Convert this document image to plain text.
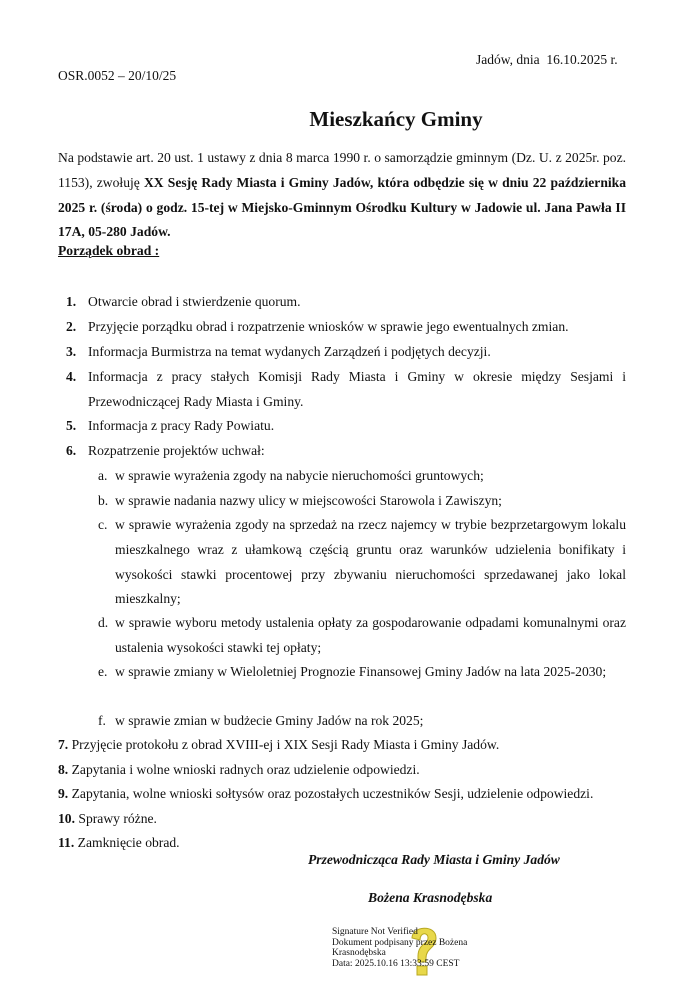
Jadów, dnia  16.10.2025 r.
OSR.0052 – 20/10/25
Mieszkańcy Gminy
Na podstawie art. 20 ust. 1 ustawy z dnia 8 marca 1990 r. o samorządzie gminnym (Dz. U. z 2025r. poz. 1153), zwołuję XX Sesję Rady Miasta i Gminy Jadów, która odbędzie się w dniu 22 października 2025 r. (środa) o godz. 15-tej w Miejsko-Gminnym Ośrodku Kultury w Jadowie ul. Jana Pawła II 17A, 05-280 Jadów.
Porządek obrad :
1. Otwarcie obrad i stwierdzenie quorum.
2. Przyjęcie porządku obrad i rozpatrzenie wniosków w sprawie jego ewentualnych zmian.
3. Informacja Burmistrza na temat wydanych Zarządzeń i podjętych decyzji.
4. Informacja z pracy stałych Komisji Rady Miasta i Gminy w okresie między Sesjami i Przewodniczącej Rady Miasta i Gminy.
5. Informacja z pracy Rady Powiatu.
6. Rozpatrzenie projektów uchwał:
a. w sprawie wyrażenia zgody na nabycie nieruchomości gruntowych;
b. w sprawie nadania nazwy ulicy w miejscowości Starowola i Zawiszyn;
c. w sprawie wyrażenia zgody na sprzedaż na rzecz najemcy w trybie bezprzetargowym lokalu mieszkalnego wraz z ułamkową częścią gruntu oraz warunków udzielenia bonifikaty i wysokości stawki procentowej przy zbywaniu nieruchomości sprzedawanej jako lokal mieszkalny;
d. w sprawie wyboru metody ustalenia opłaty za gospodarowanie odpadami komunalnymi oraz ustalenia wysokości stawki tej opłaty;
e. w sprawie zmiany w Wieloletniej Prognozie Finansowej Gminy Jadów na lata 2025-2030;
f. w sprawie zmian w budżecie Gminy Jadów na rok 2025;
7. Przyjęcie protokołu z obrad XVIII-ej i XIX Sesji Rady Miasta i Gminy Jadów.
8. Zapytania i wolne wnioski radnych oraz udzielenie odpowiedzi.
9. Zapytania, wolne wnioski sołtysów oraz pozostałych uczestników Sesji, udzielenie odpowiedzi.
10. Sprawy różne.
11. Zamknięcie obrad.
Przewodnicząca Rady Miasta i Gminy Jadów
Bożena Krasnodębska
Signature Not Verified
Dokument podpisany przez Bożena
Krasnodębska
Data: 2025.10.16 13:33:59 CEST
